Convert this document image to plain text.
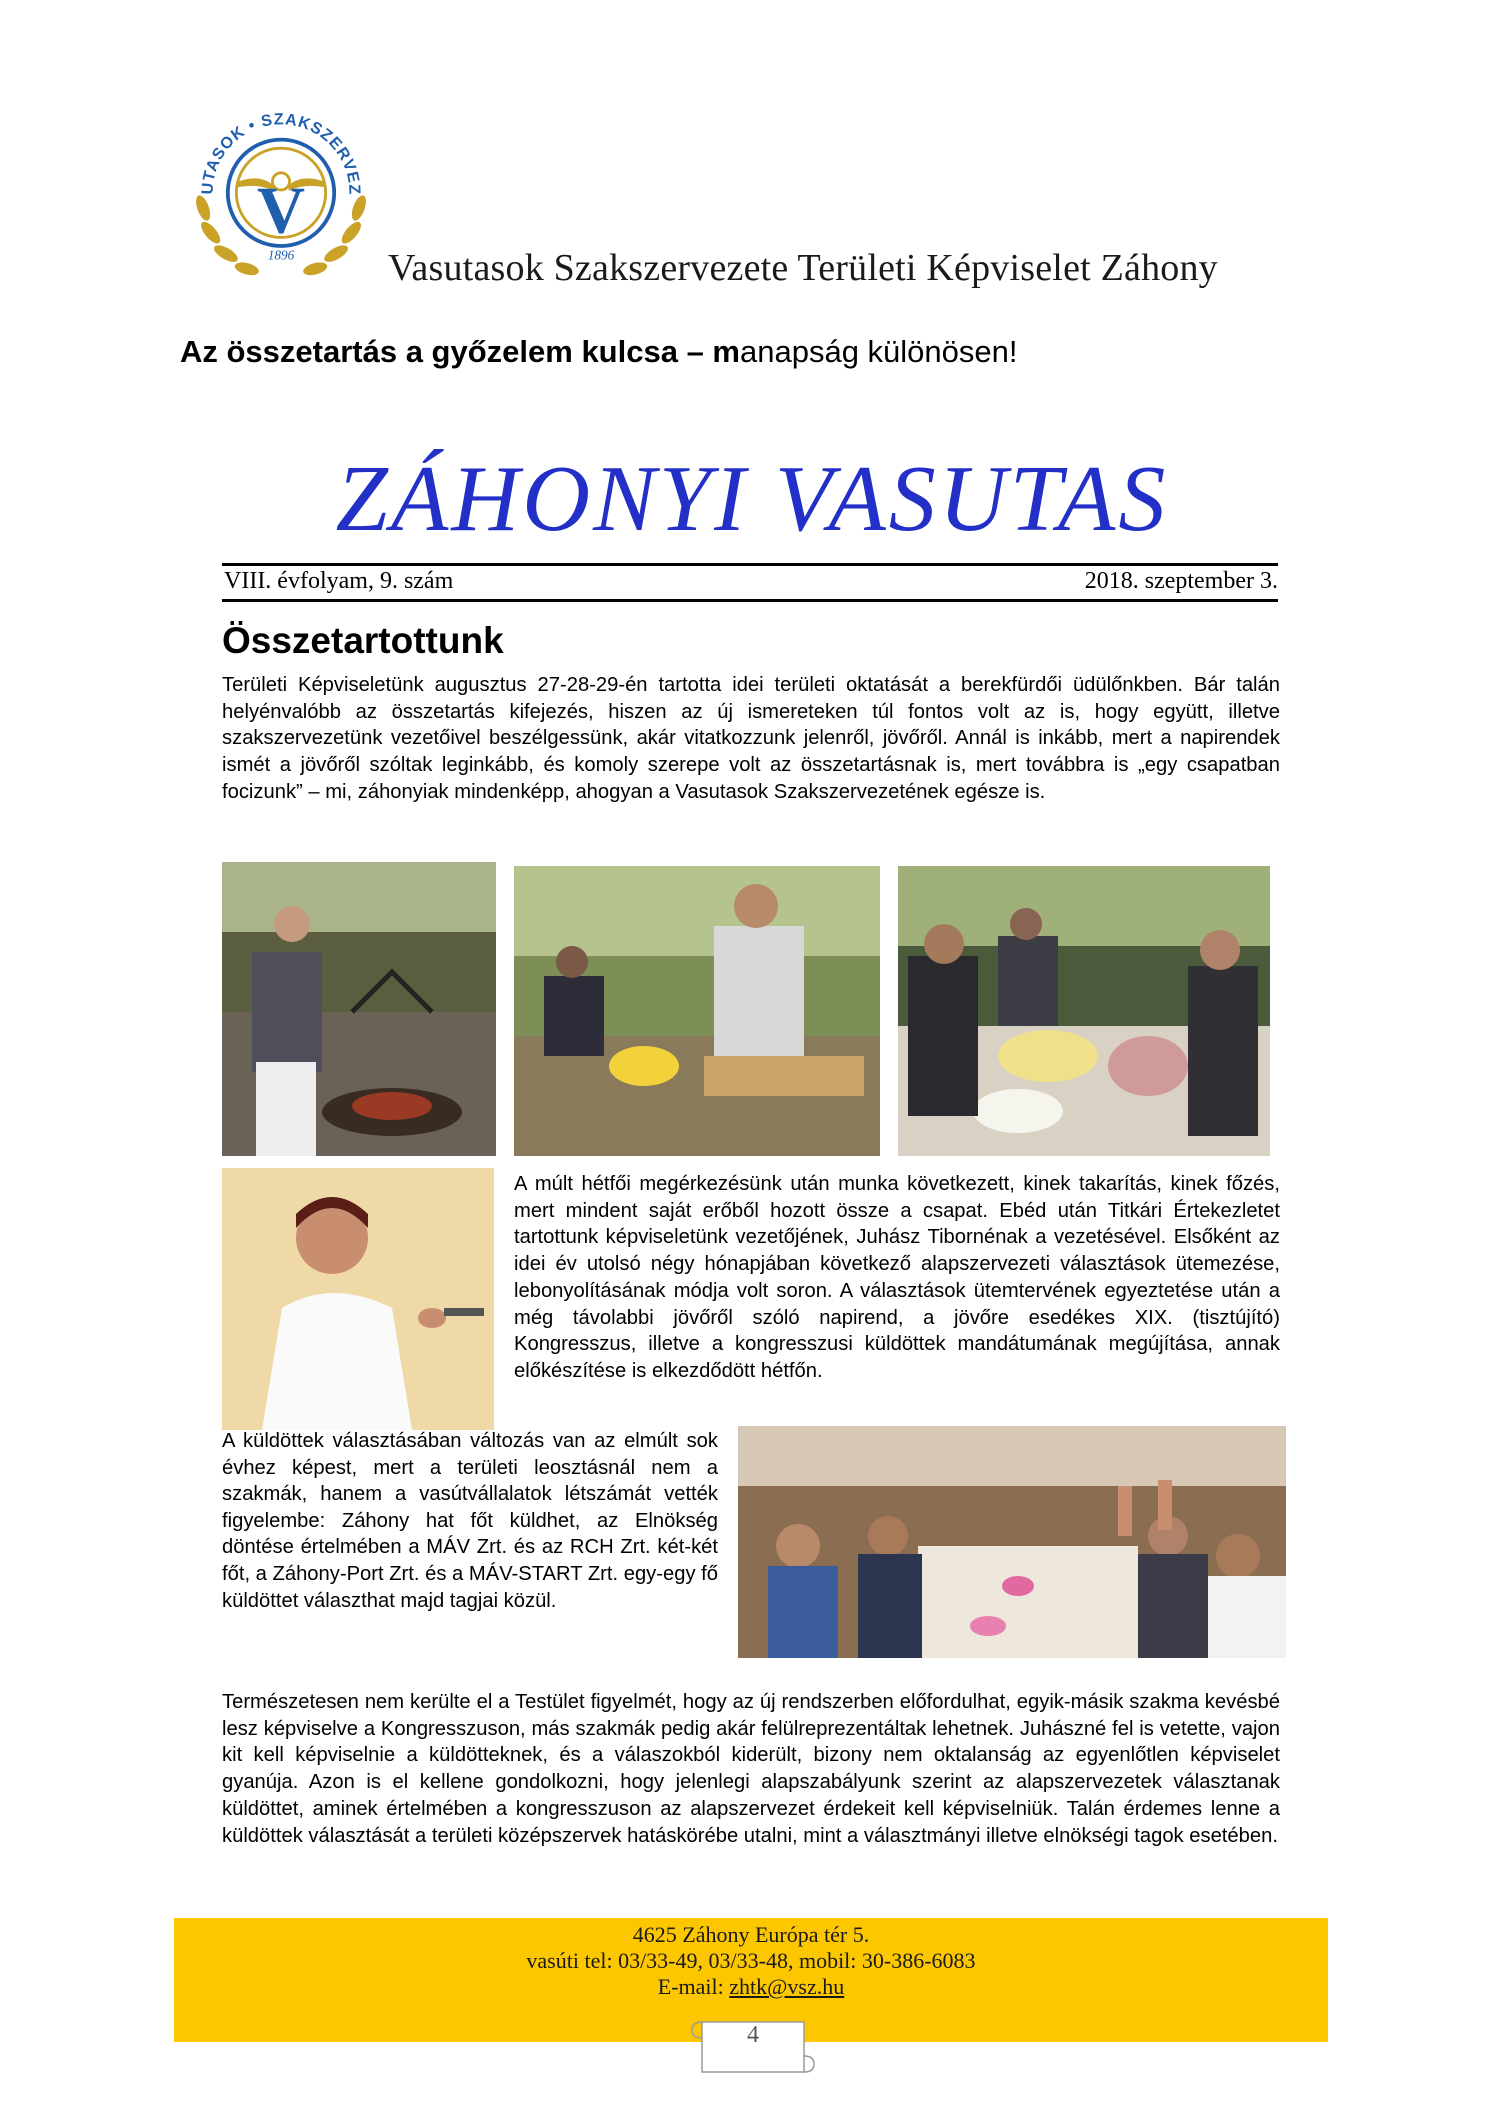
UTASOK • SZAKSZERVEZ
V
1896 Vasutasok Szakszervezete Területi Képviselet Záhony
Az összetartás a győzelem kulcsa – manapság különösen!
ZÁHONYI VASUTAS
VIII. évfolyam, 9. szám	2018. szeptember 3.
Összetartottunk
Területi Képviseletünk augusztus 27-28-29-én tartotta idei területi oktatását a berekfürdői üdülőnkben. Bár talán helyénvalóbb az összetartás kifejezés, hiszen az új ismereteken túl fontos volt az is, hogy együtt, illetve szakszervezetünk vezetőivel beszélgessünk, akár vitatkozzunk jelenről, jövőről. Annál is inkább, mert a napirendek ismét a jövőről szóltak leginkább, és komoly szerepe volt az összetartásnak is, mert továbbra is „egy csapatban focizunk” – mi, záhonyiak mindenképp, ahogyan a Vasutasok Szakszervezetének egésze is.
A múlt hétfői megérkezésünk után munka következett, kinek takarítás, kinek főzés, mert mindent saját erőből hozott össze a csapat. Ebéd után Titkári Értekezletet tartottunk képviseletünk vezetőjének, Juhász Tibornénak a vezetésével. Elsőként az idei év utolsó négy hónapjában következő alapszervezeti választások ütemezése, lebonyolításának módja volt soron. A választások ütemtervének egyeztetése után a még távolabbi jövőről szóló napirend, a jövőre esedékes XIX. (tisztújító) Kongresszus, illetve a kongresszusi küldöttek mandátumának megújítása, annak előkészítése is elkezdődött hétfőn.
A küldöttek választásában változás van az elmúlt sok évhez képest, mert a területi leosztásnál nem a szakmák, hanem a vasútvállalatok létszámát vették figyelembe: Záhony hat főt küldhet, az Elnökség döntése értelmében a MÁV Zrt. és az RCH Zrt. két-két főt, a Záhony-Port Zrt. és a MÁV-START Zrt. egy-egy fő küldöttet választhat majd tagjai közül.
Természetesen nem kerülte el a Testület figyelmét, hogy az új rendszerben előfordulhat, egyik-másik szakma kevésbé lesz képviselve a Kongresszuson, más szakmák pedig akár felülreprezentáltak lehetnek. Juhászné fel is vetette, vajon kit kell képviselnie a küldötteknek, és a válaszokból kiderült, bizony nem oktalanság az egyenlőtlen képviselet gyanúja. Azon is el kellene gondolkozni, hogy jelenlegi alapszabályunk szerint az alapszervezetek választanak küldöttet, aminek értelmében a kongresszuson az alapszervezet érdekeit kell képviselniük. Talán érdemes lenne a küldöttek választását a területi középszervek hatáskörébe utalni, mint a választmányi illetve elnökségi tagok esetében.
4625 Záhony Európa tér 5.
vasúti tel: 03/33-49, 03/33-48, mobil: 30-386-6083
E-mail: zhtk@vsz.hu
4
